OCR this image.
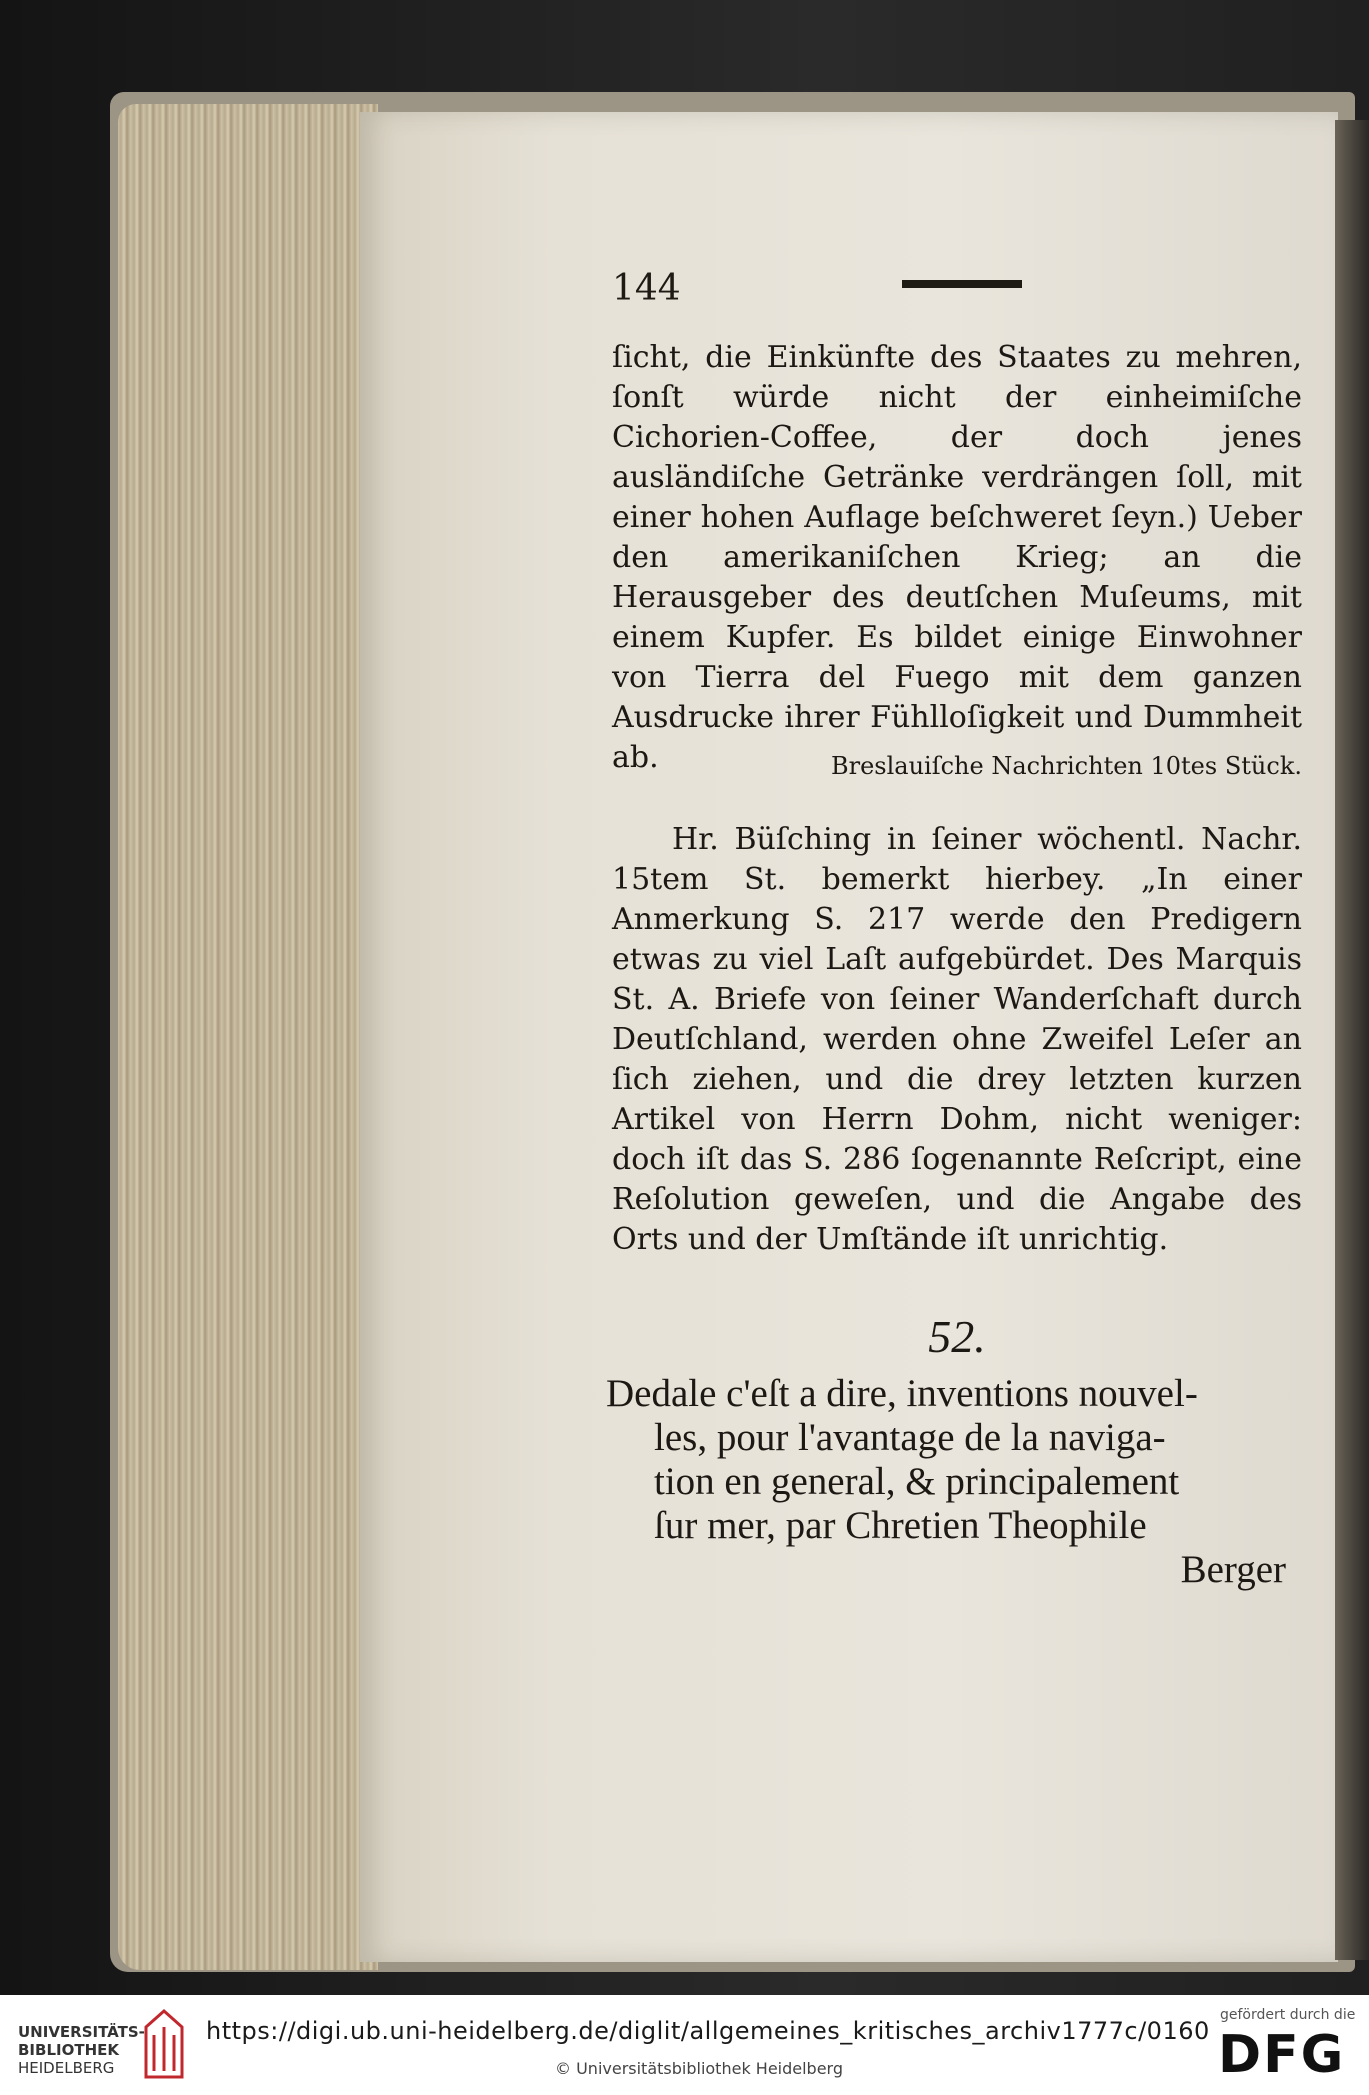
144
ſicht, die Einkünfte des Staates zu mehren, ſonſt würde nicht der einheimiſche Cichorien-Coffee, der doch jenes ausländiſche Getränke verdrängen ſoll, mit einer hohen Auflage beſchweret ſeyn.) Ueber den amerikaniſchen Krieg; an die Herausgeber des deutſchen Muſeums, mit einem Kupfer. Es bildet einige Einwohner von Tierra del Fuego mit dem ganzen Ausdrucke ihrer Fühlloſigkeit und Dummheit ab.	Breslauiſche Nachrichten 10tes Stück.
Hr. Büſching in ſeiner wöchentl. Nachr. 15tem St. bemerkt hierbey. „In einer Anmerkung S. 217 werde den Predigern etwas zu viel Laſt aufgebürdet. Des Marquis St. A. Briefe von ſeiner Wanderſchaft durch Deutſchland, werden ohne Zweifel Leſer an ſich ziehen, und die drey letzten kurzen Artikel von Herrn Dohm, nicht weniger: doch iſt das S. 286 ſogenannte Reſcript, eine Reſolution geweſen, und die Angabe des Orts und der Umſtände iſt unrichtig.
52.
Dedale c'eſt a dire, inventions nouvel-
les, pour l'avantage de la naviga-
tion en general, & principalement
ſur mer, par Chretien Theophile
Berger
UNIVERSITÄTS-
BIBLIOTHEK
HEIDELBERG
https://digi.ub.uni-heidelberg.de/diglit/allgemeines_kritisches_archiv1777c/0160
© Universitätsbibliothek Heidelberg
gefördert durch die
DFG
